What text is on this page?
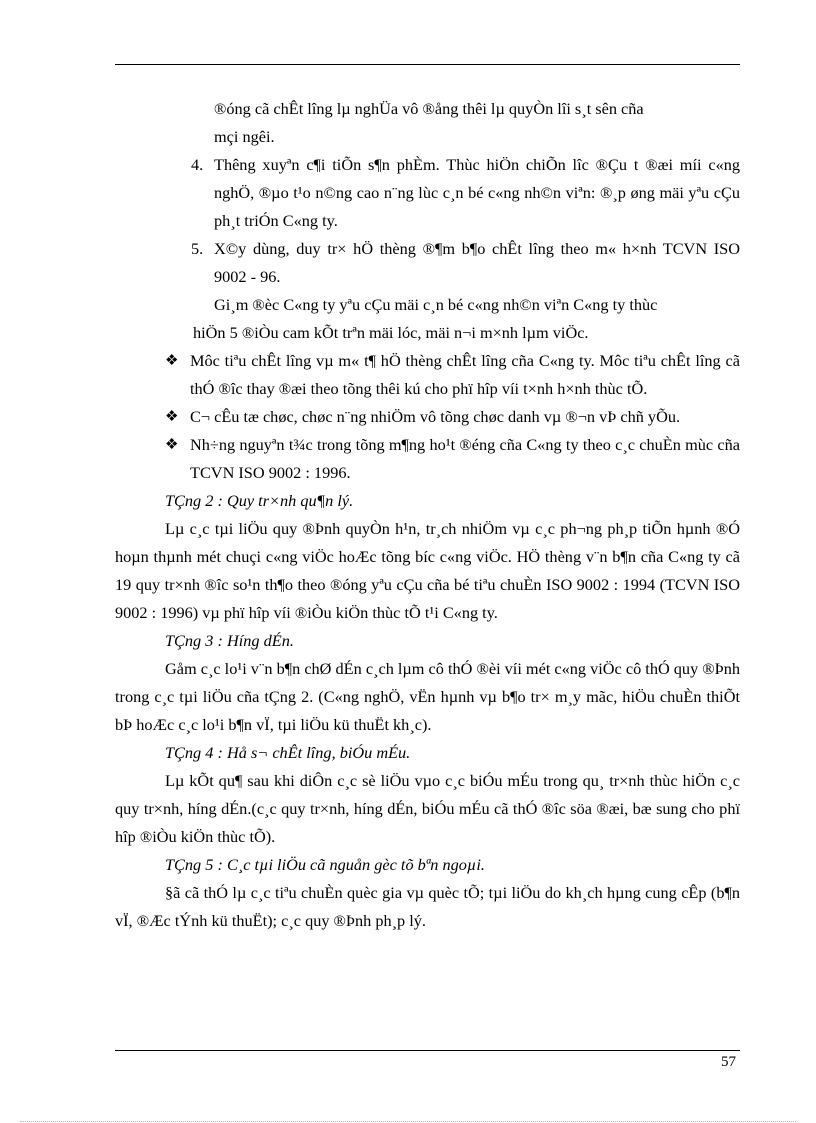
®óng cã chÊt lîng lµ nghÜa vô ®ång thêi lµ quyÒn lîi s¸t sên cña

mçi ngêi.

4. Thêng xuyªn c¶i tiÕn s¶n phÈm. Thùc hiÖn chiÕn lîc ®Çu t ®æi míi c«ng nghÖ, ®µo t¹o n©ng cao n¨ng lùc c¸n bé c«ng nh©n viªn: ®¸p øng mäi yªu cÇu ph¸t triÓn C«ng ty.
5. X©y dùng, duy tr× hÖ thèng ®¶m b¶o chÊt lîng theo m« h×nh TCVN ISO 9002 - 96.

Gi¸m ®èc C«ng ty yªu cÇu mäi c¸n bé c«ng nh©n viªn C«ng ty thùc

hiÖn 5 ®iÒu cam kÕt trªn mäi lóc, mäi n¬i m×nh lµm viÖc.

❖ Môc tiªu chÊt lîng vµ m« t¶ hÖ thèng chÊt lîng cña C«ng ty. Môc tiªu chÊt lîng cã thÓ ®îc thay ®æi theo tõng thêi kú cho phï hîp víi t×nh h×nh thùc tÕ.
❖ C¬ cÊu tæ chøc, chøc n¨ng nhiÖm vô tõng chøc danh vµ ®¬n vÞ chñ yÕu.
❖ Nh÷ng nguyªn t¾c trong tõng m¶ng ho¹t ®éng cña C«ng ty theo c¸c chuÈn mùc cña TCVN ISO 9002 : 1996.

TÇng 2 : Quy tr×nh qu¶n lý.

Lµ c¸c tµi liÖu quy ®Þnh quyÒn h¹n, tr¸ch nhiÖm vµ c¸c ph¬ng ph¸p tiÕn hµnh ®Ó hoµn thµnh mét chuçi c«ng viÖc hoÆc tõng bíc c«ng viÖc. HÖ thèng v¨n b¶n cña C«ng ty cã 19 quy tr×nh ®îc so¹n th¶o theo ®óng yªu cÇu cña bé tiªu chuÈn ISO 9002 : 1994 (TCVN ISO 9002 : 1996) vµ phï hîp víi ®iÒu kiÖn thùc tÕ t¹i C«ng ty.

TÇng 3 : Híng dÉn.

Gåm c¸c lo¹i v¨n b¶n chØ dÉn c¸ch lµm cô thÓ ®èi víi mét c«ng viÖc cô thÓ quy ®Þnh trong c¸c tµi liÖu cña tÇng 2. (C«ng nghÖ, vËn hµnh vµ b¶o tr× m¸y mãc, hiÖu chuÈn thiÕt bÞ hoÆc c¸c lo¹i b¶n vÏ, tµi liÖu kü thuËt kh¸c).

TÇng 4 : Hå s¬ chÊt lîng, biÓu mÉu.

Lµ kÕt qu¶ sau khi diÔn c¸c sè liÖu vµo c¸c biÓu mÉu trong qu¸ tr×nh thùc hiÖn c¸c quy tr×nh, híng dÉn.(c¸c quy tr×nh, híng dÉn, biÓu mÉu cã thÓ ®îc söa ®æi, bæ sung cho phï hîp ®iÒu kiÖn thùc tÕ).

TÇng 5 : C¸c tµi liÖu cã nguån gèc tõ bªn ngoµi.

§ã cã thÓ lµ c¸c tiªu chuÈn quèc gia vµ quèc tÕ; tµi liÖu do kh¸ch hµng cung cÊp (b¶n vÏ, ®Æc tÝnh kü thuËt); c¸c quy ®Þnh ph¸p lý.

57
